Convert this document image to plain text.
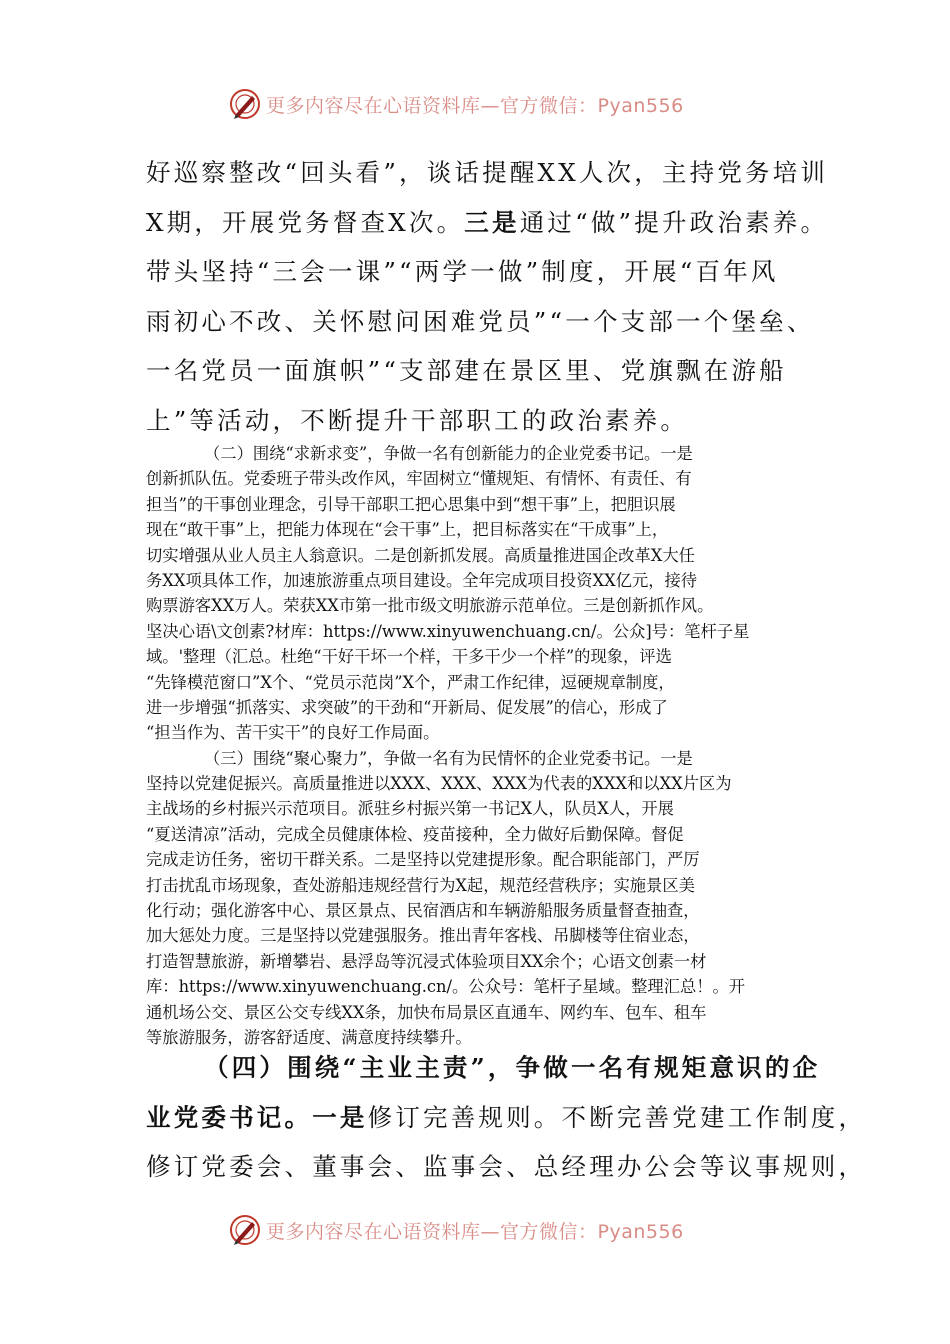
更多内容尽在心语资料库—官方微信：Pyan556
好巡察整改“回头看”，谈话提醒XX人次，主持党务培训
X期，开展党务督查X次。三是通过“做”提升政治素养。
带头坚持“三会一课”“两学一做”制度，开展“百年风
雨初心不改、关怀慰问困难党员”“一个支部一个堡垒、
一名党员一面旗帜”“支部建在景区里、党旗飘在游船
上”等活动，不断提升干部职工的政治素养。
（二）围绕“求新求变”，争做一名有创新能力的企业党委书记。一是
创新抓队伍。党委班子带头改作风，牢固树立“懂规矩、有情怀、有责任、有
担当”的干事创业理念，引导干部职工把心思集中到“想干事”上，把胆识展
现在“敢干事”上，把能力体现在“会干事”上，把目标落实在“干成事”上，
切实增强从业人员主人翁意识。二是创新抓发展。高质量推进国企改革X大任
务XX项具体工作，加速旅游重点项目建设。全年完成项目投资XX亿元，接待
购票游客XX万人。荣获XX市第一批市级文明旅游示范单位。三是创新抓作风。
坚决心语\文创素?材库：https://www.xinyuwenchuang.cn/。公众]号：笔杆子星
域。'整理（汇总。杜绝“干好干坏一个样，干多干少一个样”的现象，评选
“先锋模范窗口”X个、“党员示范岗”X个，严肃工作纪律，逗硬规章制度，
进一步增强“抓落实、求突破”的干劲和“开新局、促发展”的信心，形成了
“担当作为、苦干实干”的良好工作局面。
（三）围绕“聚心聚力”，争做一名有为民情怀的企业党委书记。一是
坚持以党建促振兴。高质量推进以XXX、XXX、XXX为代表的XXX和以XX片区为
主战场的乡村振兴示范项目。派驻乡村振兴第一书记X人，队员X人，开展
“夏送清凉”活动，完成全员健康体检、疫苗接种，全力做好后勤保障。督促
完成走访任务，密切干群关系。二是坚持以党建提形象。配合职能部门，严厉
打击扰乱市场现象，查处游船违规经营行为X起，规范经营秩序；实施景区美
化行动；强化游客中心、景区景点、民宿酒店和车辆游船服务质量督查抽查，
加大惩处力度。三是坚持以党建强服务。推出青年客栈、吊脚楼等住宿业态，
打造智慧旅游，新增攀岩、悬浮岛等沉浸式体验项目XX余个；心语文创素一材
库：https://www.xinyuwenchuang.cn/。公众号：笔杆子星域。整理汇总！。开
通机场公交、景区公交专线XX条，加快布局景区直通车、网约车、包车、租车
等旅游服务，游客舒适度、满意度持续攀升。
（四）围绕“主业主责”，争做一名有规矩意识的企
业党委书记。一是修订完善规则。不断完善党建工作制度，
修订党委会、董事会、监事会、总经理办公会等议事规则，
更多内容尽在心语资料库—官方微信：Pyan556
